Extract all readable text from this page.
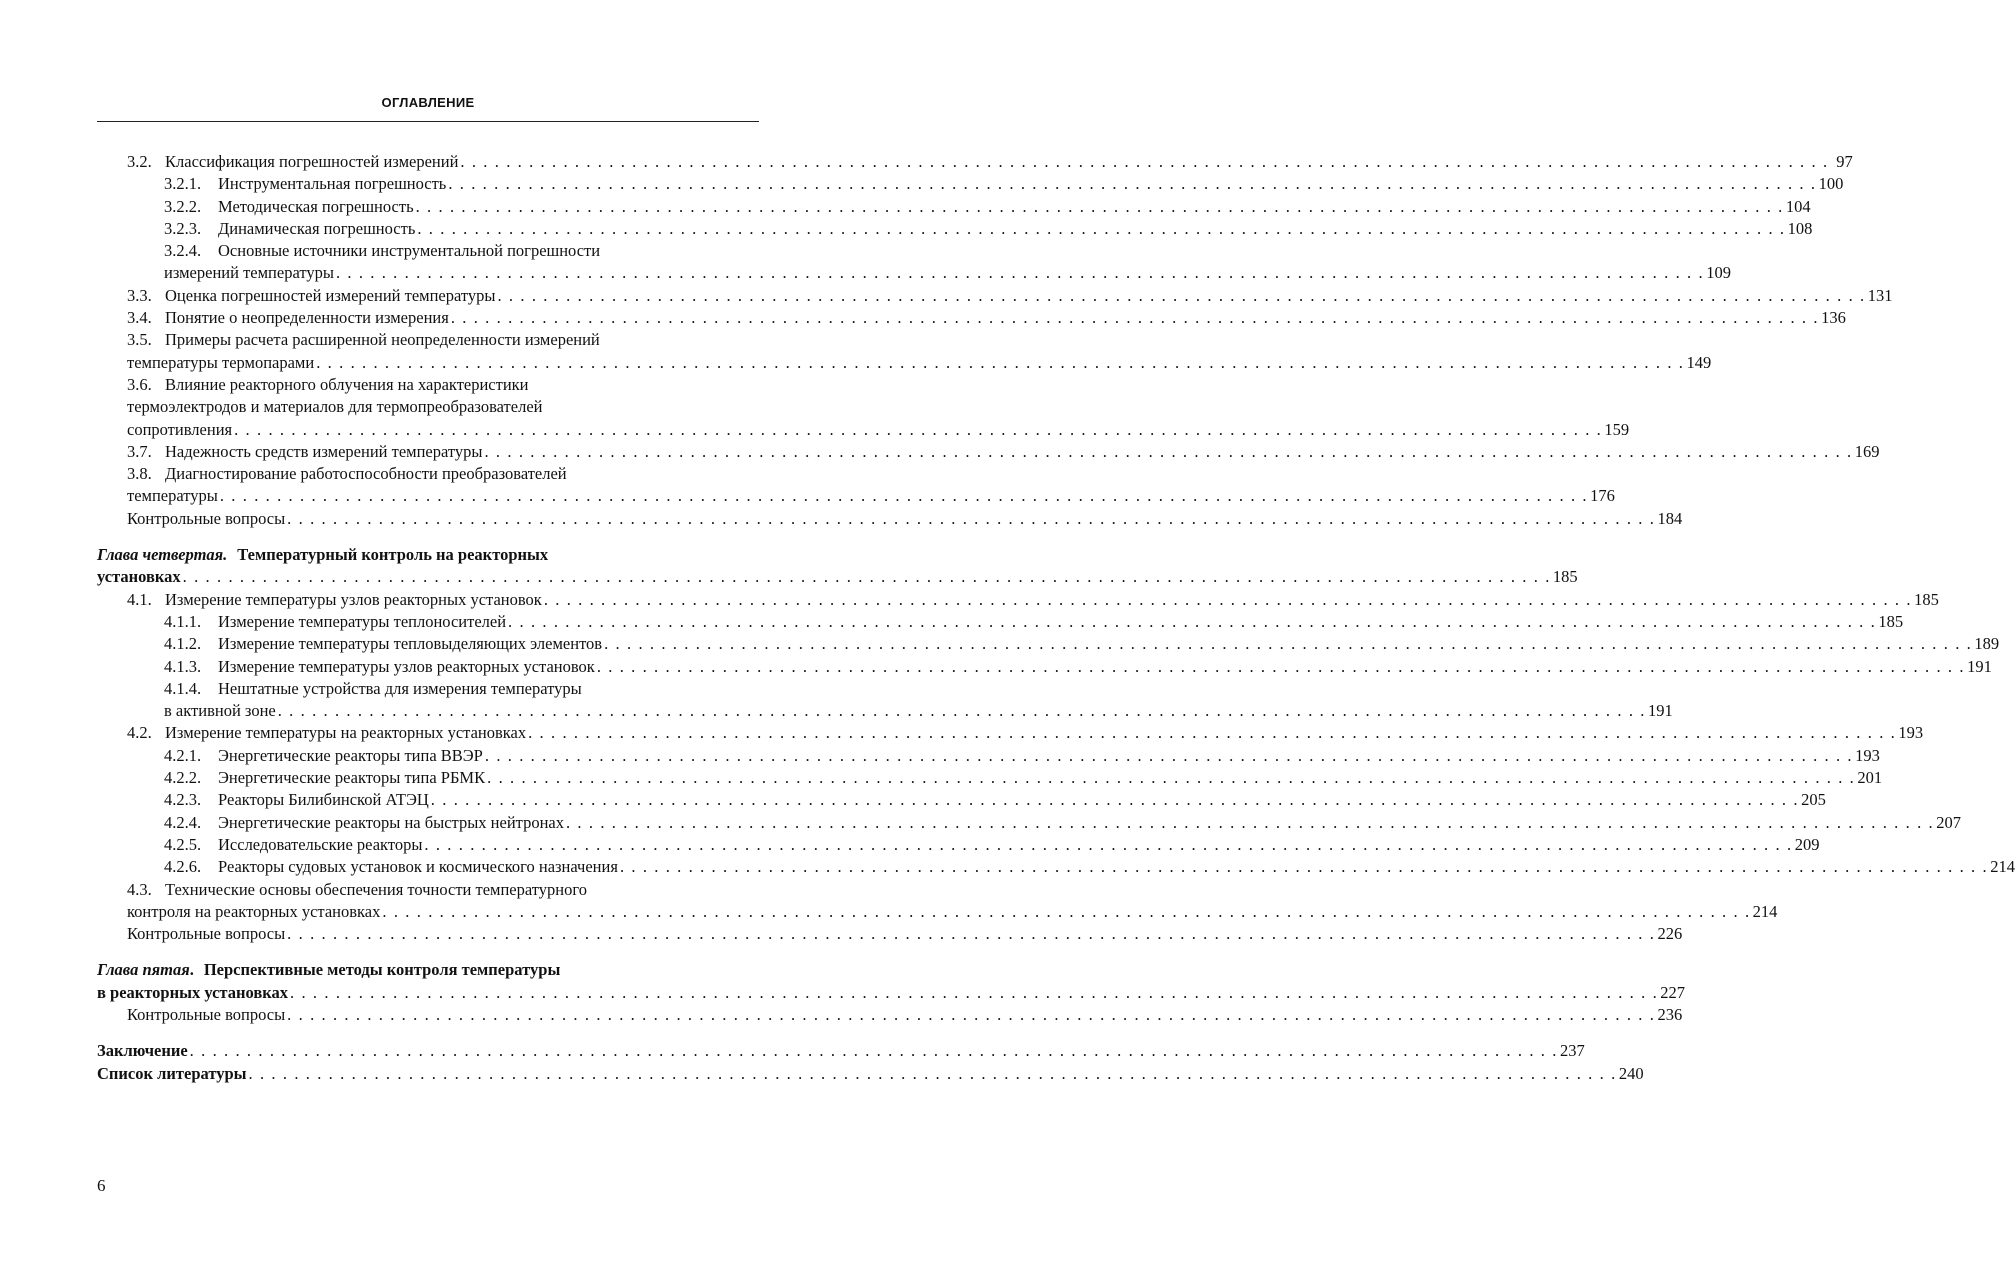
ОГЛАВЛЕНИЕ
3.2. Классификация погрешностей измерений . . .	97
3.2.1.	Инструментальная погрешность . . .	100
3.2.2.	Методическая погрешность . . .	104
3.2.3.	Динамическая погрешность . . .	108
3.2.4.	Основные источники инструментальной погрешности
измерений температуры . . .	109
3.3. Оценка погрешностей измерений температуры . . .	131
3.4. Понятие о неопределенности измерения . . .	136
3.5. Примеры расчета расширенной неопределенности измерений
температуры термопарами . . .	149
3.6. Влияние реакторного облучения на характеристики
термоэлектродов и материалов для термопреобразователей
сопротивления . . .	159
3.7. Надежность средств измерений температуры . . .	169
3.8. Диагностирование работоспособности преобразователей
температуры . . .	176
Контрольные вопросы . . .	184
Глава четвертая. Температурный контроль на реакторных
установках . . .	185
4.1. Измерение температуры узлов реакторных установок . . .	185
4.1.1.	Измерение температуры теплоносителей . . .	185
4.1.2.	Измерение температуры тепловыделяющих элементов . . .	189
4.1.3.	Измерение температуры узлов реакторных установок . . .	191
4.1.4.	Нештатные устройства для измерения температуры
в активной зоне . . .	191
4.2. Измерение температуры на реакторных установках . . .	193
4.2.1.	Энергетические реакторы типа ВВЭР . . .	193
4.2.2.	Энергетические реакторы типа РБМК . . .	201
4.2.3.	Реакторы Билибинской АТЭЦ . . .	205
4.2.4.	Энергетические реакторы на быстрых нейтронах . . .	207
4.2.5.	Исследовательские реакторы . . .	209
4.2.6.	Реакторы судовых установок и космического назначения . . .	214
4.3. Технические основы обеспечения точности температурного
контроля на реакторных установках . . .	214
Контрольные вопросы . . .	226
Глава пятая . Перспективные методы контроля температуры
в реакторных установках . . .	227
Контрольные вопросы . . .	236
Заключение . . .	237
Список литературы . . .	240
6
